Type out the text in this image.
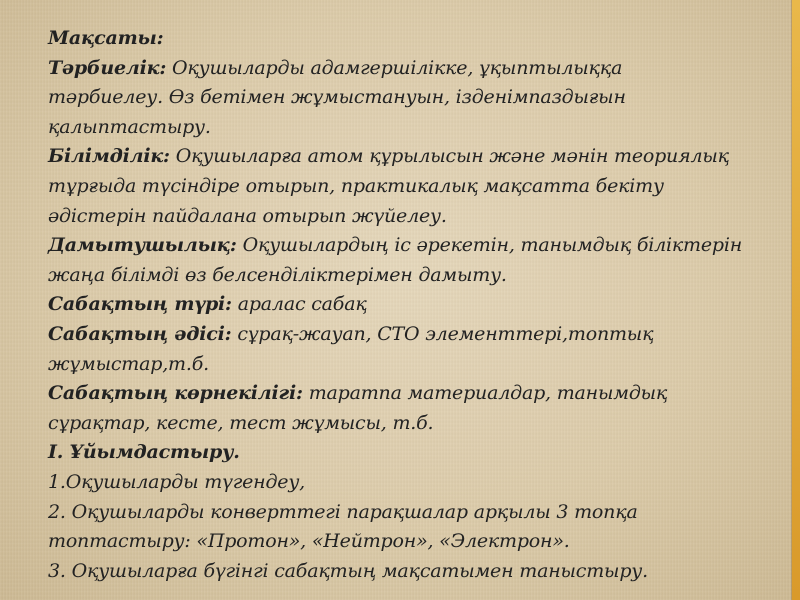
Мақсаты:
Тәрбиелік: Оқушыларды адамгершілікке, ұқыптылыққа
тәрбиелеу. Өз бетімен жұмыстануын, ізденімпаздығын
қалыптастыру.
Білімділік: Оқушыларға атом құрылысын және мәнін теориялық
тұрғыда түсіндіре отырып, практикалық мақсатта бекіту
әдістерін пайдалана отырып жүйелеу.
Дамытушылық: Оқушылардың іс әрекетін, танымдық біліктерін
жаңа білімді өз белсенділіктерімен дамыту.
Сабақтың түрі: аралас сабақ
Сабақтың әдісі: сұрақ-жауап, СТО элементтері,топтық
жұмыстар,т.б.
Сабақтың көрнекілігі: таратпа материалдар, танымдық
сұрақтар, кесте, тест жұмысы, т.б.
І. Ұйымдастыру.
1.Оқушыларды түгендеу,
2. Оқушыларды конверттегі парақшалар арқылы 3 топқа
топтастыру: «Протон», «Нейтрон», «Электрон».
3. Оқушыларға бүгінгі сабақтың мақсатымен таныстыру.
